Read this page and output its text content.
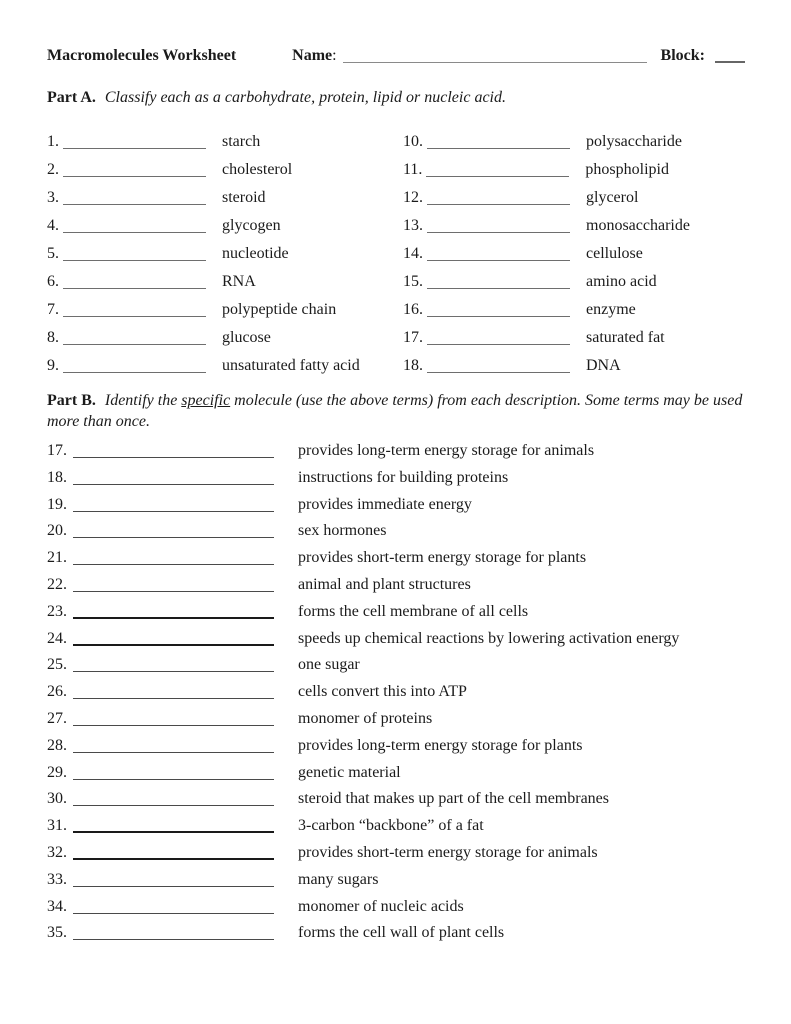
Macromolecules Worksheet	Name :	Block:
Part A. Classify each as a carbohydrate, protein, lipid or nucleic acid.
1.	starch
2.	cholesterol
3.	steroid
4.	glycogen
5.	nucleotide
6.	RNA
7.	polypeptide chain
8.	glucose
9.	unsaturated fatty acid
10.	polysaccharide
11.	phospholipid
12.	glycerol
13.	monosaccharide
14.	cellulose
15.	amino acid
16.	enzyme
17.	saturated fat
18.	DNA
Part B. Identify the specific molecule (use the above terms) from each description. Some terms may be used more than once.
17.	provides long-term energy storage for animals
18.	instructions for building proteins
19.	provides immediate energy
20.	sex hormones
21.	provides short-term energy storage for plants
22.	animal and plant structures
23.	forms the cell membrane of all cells
24.	speeds up chemical reactions by lowering activation energy
25.	one sugar
26.	cells convert this into ATP
27.	monomer of proteins
28.	provides long-term energy storage for plants
29.	genetic material
30.	steroid that makes up part of the cell membranes
31.	3-carbon “backbone” of a fat
32.	provides short-term energy storage for animals
33.	many sugars
34.	monomer of nucleic acids
35.	forms the cell wall of plant cells
